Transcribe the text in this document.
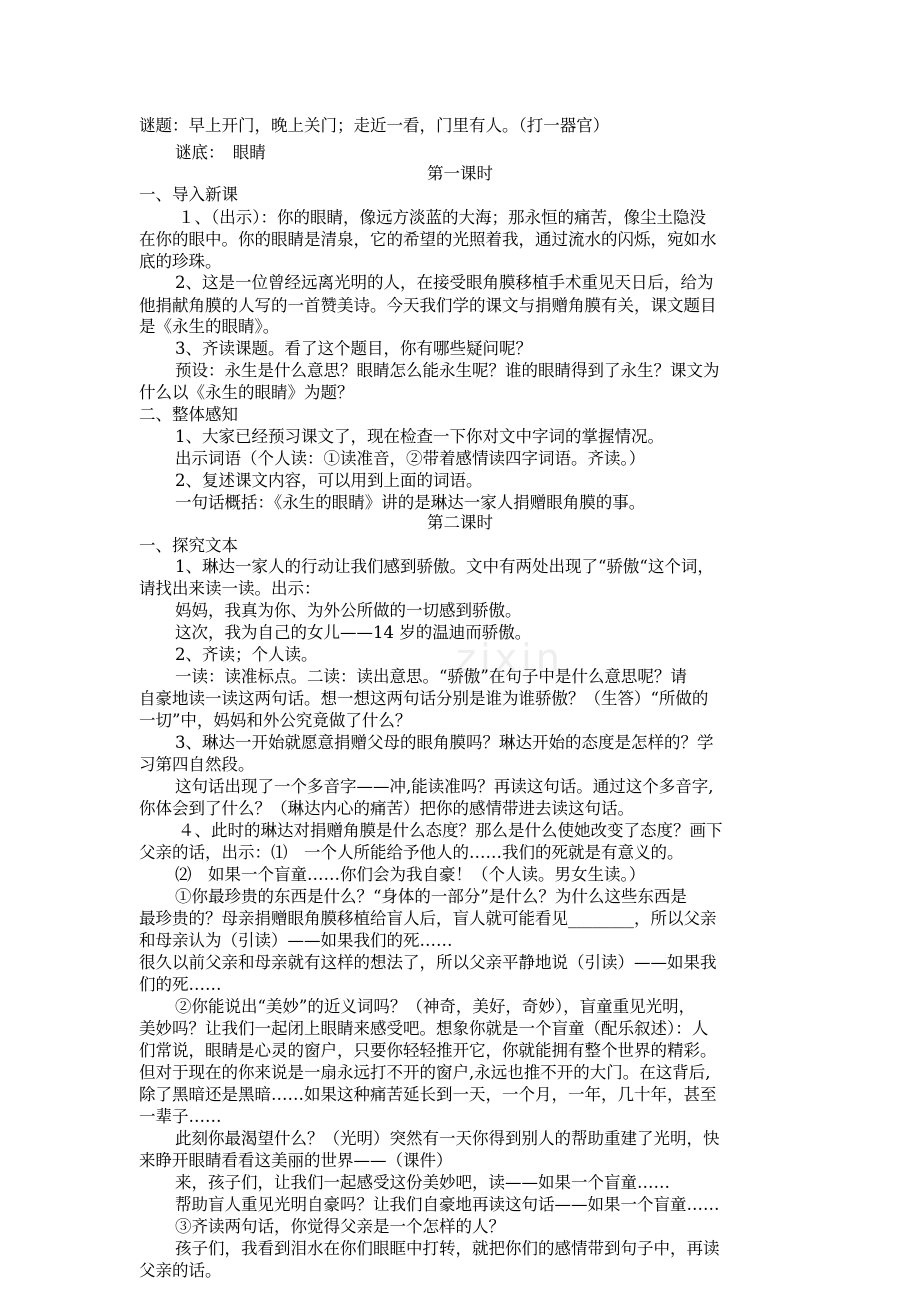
谜题：早上开门，晚上关门；走近一看，门里有人。（打一器官）
谜底：　眼睛
第一课时
一、导入新课
１、（出示）：你的眼睛，像远方淡蓝的大海；那永恒的痛苦，像尘土隐没
在你的眼中。你的眼睛是清泉，它的希望的光照着我，通过流水的闪烁，宛如水
底的珍珠。
2、这是一位曾经远离光明的人，在接受眼角膜移植手术重见天日后，给为
他捐献角膜的人写的一首赞美诗。今天我们学的课文与捐赠角膜有关，课文题目
是《永生的眼睛》。
3、齐读课题。看了这个题目，你有哪些疑问呢？
预设：永生是什么意思？眼睛怎么能永生呢？谁的眼睛得到了永生？课文为
什么以《永生的眼睛》为题？
二、整体感知
1、大家已经预习课文了，现在检查一下你对文中字词的掌握情况。
出示词语（个人读：①读准音，②带着感情读四字词语。齐读。）
2、复述课文内容，可以用到上面的词语。
一句话概括：《永生的眼睛》讲的是琳达一家人捐赠眼角膜的事。
第二课时
一、探究文本
zixin
1、琳达一家人的行动让我们感到骄傲。文中有两处出现了“骄傲“这个词，
请找出来读一读。出示：
妈妈，我真为你、为外公所做的一切感到骄傲。
这次，我为自己的女儿——14 岁的温迪而骄傲。
2、齐读；个人读。
一读：读准标点。二读：读出意思。“骄傲”在句子中是什么意思呢？请
自豪地读一读这两句话。想一想这两句话分别是谁为谁骄傲？（生答）“所做的
一切”中，妈妈和外公究竟做了什么？
3、琳达一开始就愿意捐赠父母的眼角膜吗？琳达开始的态度是怎样的？学
习第四自然段。
这句话出现了一个多音字——冲,能读准吗？再读这句话。通过这个多音字,
你体会到了什么？（琳达内心的痛苦）把你的感情带进去读这句话。
４、此时的琳达对捐赠角膜是什么态度？那么是什么使她改变了态度？画下
父亲的话，出示：⑴　一个人所能给予他人的……我们的死就是有意义的。
⑵　如果一个盲童……你们会为我自豪！（个人读。男女生读。）
①你最珍贵的东西是什么？“身体的一部分”是什么？为什么这些东西是
最珍贵的？母亲捐赠眼角膜移植给盲人后，盲人就可能看见________，所以父亲
和母亲认为（引读）——如果我们的死……
很久以前父亲和母亲就有这样的想法了，所以父亲平静地说（引读）——如果我
们的死……
②你能说出“美妙”的近义词吗？（神奇，美好，奇妙），盲童重见光明，
美妙吗？让我们一起闭上眼睛来感受吧。想象你就是一个盲童（配乐叙述）：人
们常说，眼睛是心灵的窗户，只要你轻轻推开它，你就能拥有整个世界的精彩。
但对于现在的你来说是一扇永远打不开的窗户,永远也推不开的大门。在这背后,
除了黑暗还是黑暗……如果这种痛苦延长到一天，一个月，一年，几十年，甚至
一辈子……
此刻你最渴望什么？（光明）突然有一天你得到别人的帮助重建了光明，快
来睁开眼睛看看这美丽的世界——（课件）
来，孩子们，让我们一起感受这份美妙吧，读——如果一个盲童……
帮助盲人重见光明自豪吗？让我们自豪地再读这句话——如果一个盲童……
③齐读两句话，你觉得父亲是一个怎样的人？
孩子们，我看到泪水在你们眼眶中打转，就把你们的感情带到句子中，再读
父亲的话。
